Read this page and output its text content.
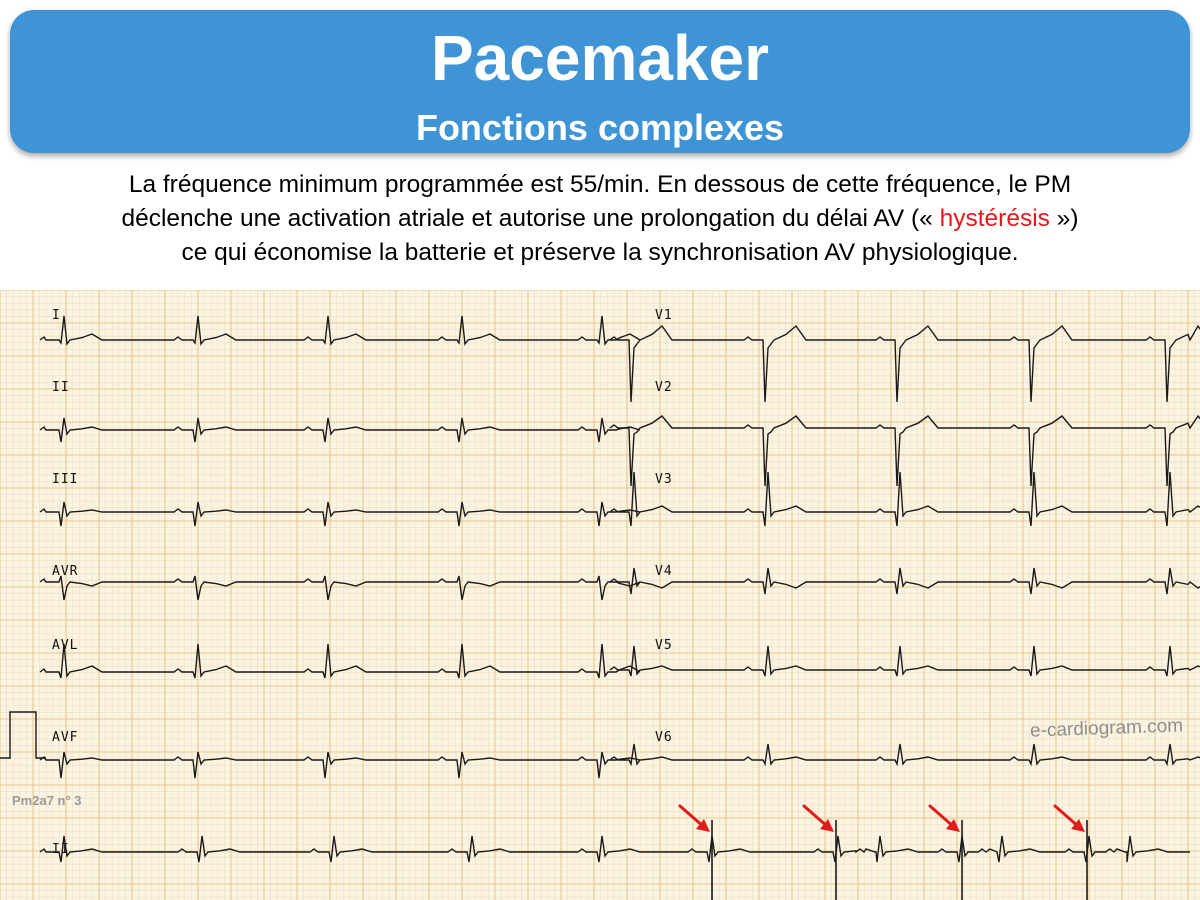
Pacemaker
Fonctions complexes
La fréquence minimum programmée est 55/min. En dessous de cette fréquence, le PM
déclenche une activation atriale et autorise une prolongation du délai AV (« hystérésis »)
ce qui économise la batterie et préserve la synchronisation AV physiologique.
I
II
III
AVR
AVL
AVF
V1
V2
V3
V4
V5
V6
II
e-cardiogram.com
Pm2a7 n° 3
